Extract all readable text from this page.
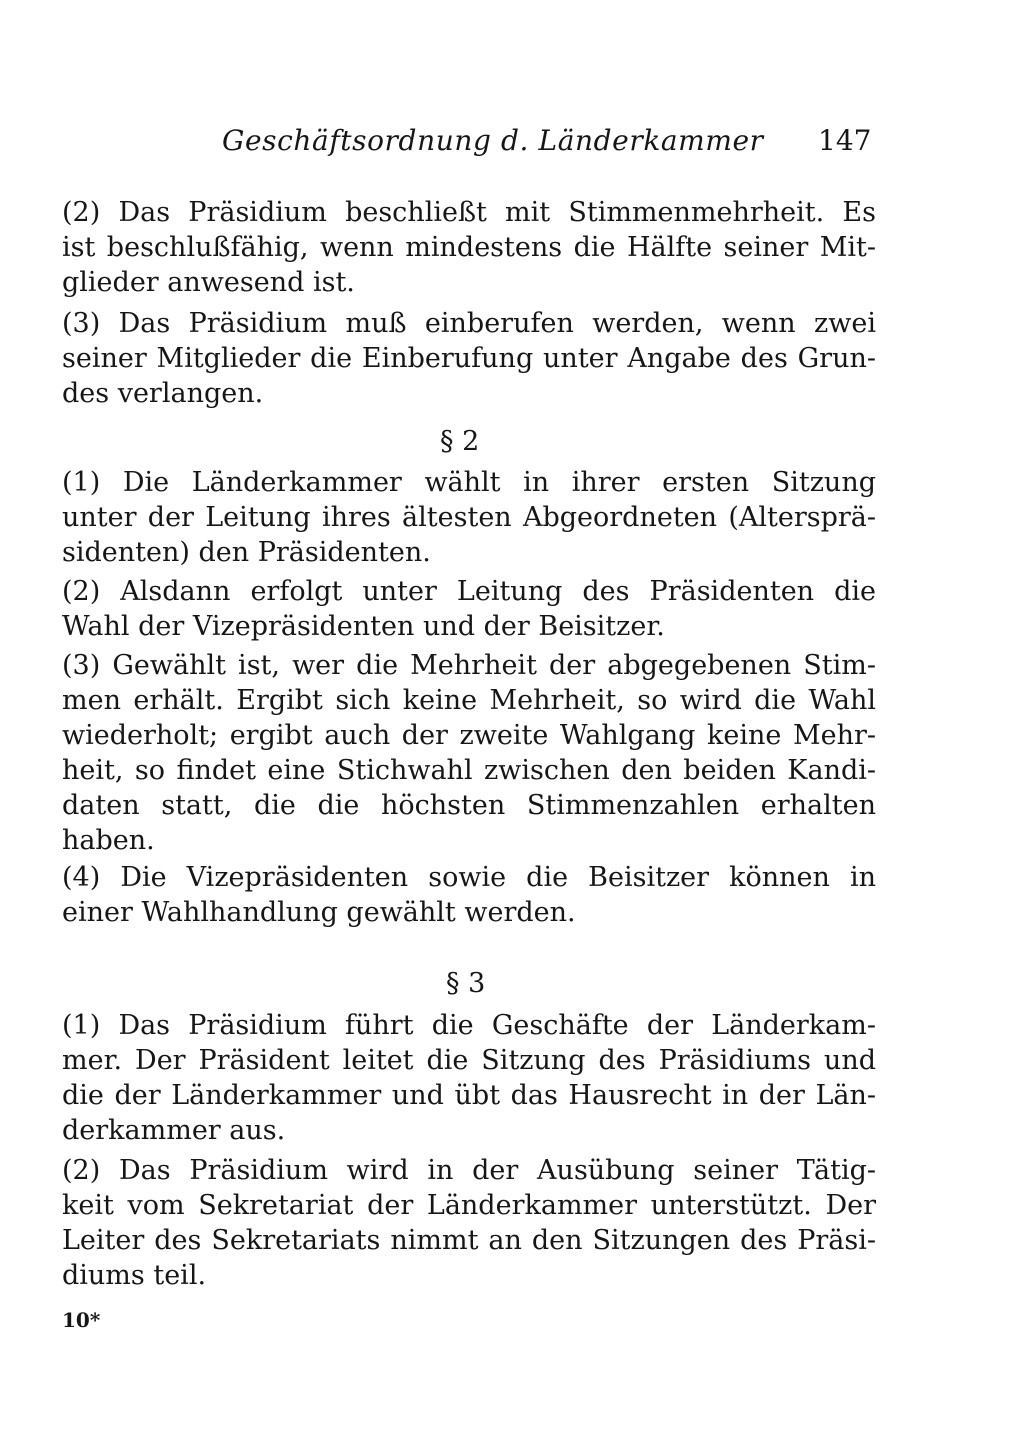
Geschäftsordnung d. Länderkammer 147
(2) Das Präsidium beschließt mit Stimmenmehrheit. Es
ist beschlußfähig, wenn mindestens die Hälfte seiner Mit-
glieder anwesend ist.
(3) Das Präsidium muß einberufen werden, wenn zwei
seiner Mitglieder die Einberufung unter Angabe des Grun-
des verlangen.
§ 2
(1) Die Länderkammer wählt in ihrer ersten Sitzung
unter der Leitung ihres ältesten Abgeordneten (Altersprä-
sidenten) den Präsidenten.
(2) Alsdann erfolgt unter Leitung des Präsidenten die
Wahl der Vizepräsidenten und der Beisitzer.
(3) Gewählt ist, wer die Mehrheit der abgegebenen Stim-
men erhält. Ergibt sich keine Mehrheit, so wird die Wahl
wiederholt; ergibt auch der zweite Wahlgang keine Mehr-
heit, so findet eine Stichwahl zwischen den beiden Kandi-
daten statt, die die höchsten Stimmenzahlen erhalten
haben.
(4) Die Vizepräsidenten sowie die Beisitzer können in
einer Wahlhandlung gewählt werden.
§ 3
(1) Das Präsidium führt die Geschäfte der Länderkam-
mer. Der Präsident leitet die Sitzung des Präsidiums und
die der Länderkammer und übt das Hausrecht in der Län-
derkammer aus.
(2) Das Präsidium wird in der Ausübung seiner Tätig-
keit vom Sekretariat der Länderkammer unterstützt. Der
Leiter des Sekretariats nimmt an den Sitzungen des Präsi-
diums teil.
10*
